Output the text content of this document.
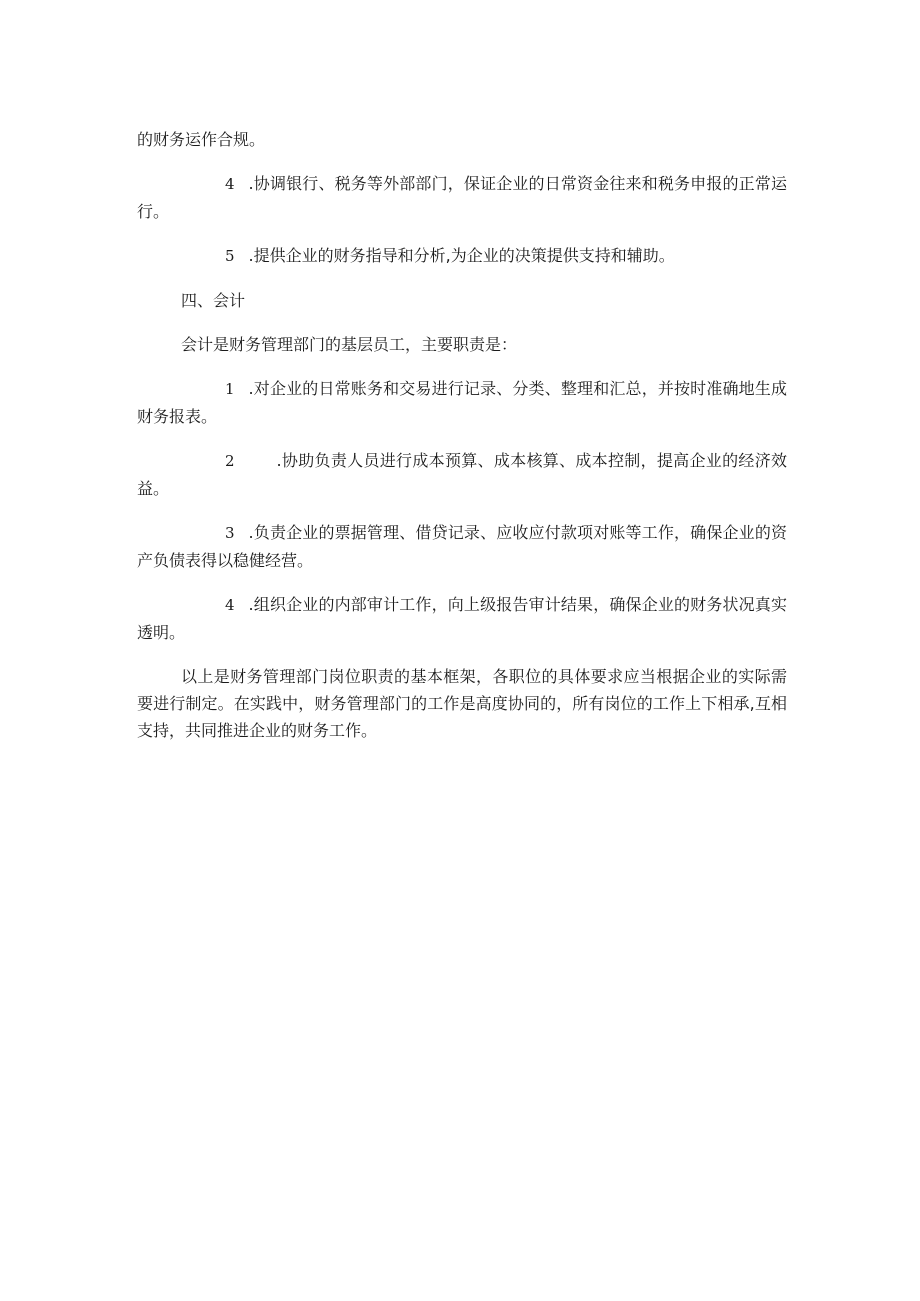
的财务运作合规。

4 .协调银行、税务等外部部门，保证企业的日常资金往来和税务申报的正常运行。

5 .提供企业的财务指导和分析,为企业的决策提供支持和辅助。

四、会计

会计是财务管理部门的基层员工，主要职责是：

1 .对企业的日常账务和交易进行记录、分类、整理和汇总，并按时准确地生成财务报表。

2	.协助负责人员进行成本预算、成本核算、成本控制，提高企业的经济效益。

3 .负责企业的票据管理、借贷记录、应收应付款项对账等工作，确保企业的资产负债表得以稳健经营。

4 .组织企业的内部审计工作，向上级报告审计结果，确保企业的财务状况真实透明。

以上是财务管理部门岗位职责的基本框架，各职位的具体要求应当根据企业的实际需要进行制定。在实践中，财务管理部门的工作是高度协同的，所有岗位的工作上下相承,互相支持，共同推进企业的财务工作。
